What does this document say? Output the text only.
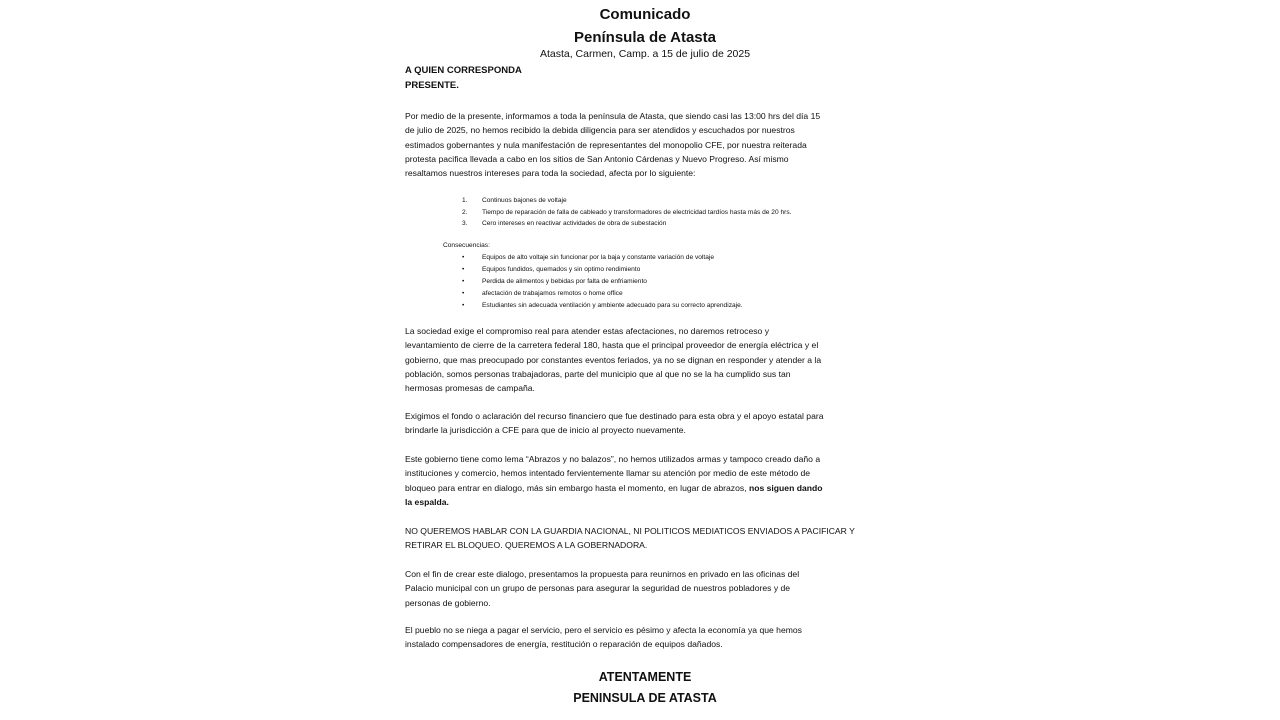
Comunicado
Península de Atasta
Atasta, Carmen, Camp. a 15 de julio de 2025
A QUIEN CORRESPONDA
PRESENTE.
Por medio de la presente, informamos a toda la península de Atasta, que siendo casi las 13:00 hrs del día 15
de julio de 2025, no hemos recibido la debida diligencia para ser atendidos y escuchados por nuestros
estimados gobernantes y nula manifestación de representantes del monopolio CFE, por nuestra reiterada
protesta pacifica llevada a cabo en los sitios de San Antonio Cárdenas y Nuevo Progreso. Así mismo
resaltamos nuestros intereses para toda la sociedad, afecta por lo siguiente:
1. Continuos bajones de voltaje
2. Tiempo de reparación de falla de cableado y transformadores de electricidad tardíos hasta más de 20 hrs.
3. Cero intereses en reactivar actividades de obra de subestación
Consecuencias:
•	Equipos de alto voltaje sin funcionar por la baja y constante variación de voltaje
•	Equipos fundidos, quemados y sin optimo rendimiento
•	Perdida de alimentos y bebidas por falta de enfriamiento
•	afectación de trabajamos remotos o home office
•	Estudiantes sin adecuada ventilación y ambiente adecuado para su correcto aprendizaje.
La sociedad exige el compromiso real para atender estas afectaciones, no daremos retroceso y
levantamiento de cierre de la carretera federal 180, hasta que el principal proveedor de energía eléctrica y el
gobierno, que mas preocupado por constantes eventos feriados, ya no se dignan en responder y atender a la
población, somos personas trabajadoras, parte del municipio que al que no se la ha cumplido sus tan
hermosas promesas de campaña.
Exigimos el fondo o aclaración del recurso financiero que fue destinado para esta obra y el apoyo estatal para
brindarle la jurisdicción a CFE para que de inicio al proyecto nuevamente.
Este gobierno tiene como lema “Abrazos y no balazos”, no hemos utilizados armas y tampoco creado daño a
instituciones y comercio, hemos intentado fervientemente llamar su atención por medio de este método de
bloqueo para entrar en dialogo, más sin embargo hasta el momento, en lugar de abrazos, nos siguen dando
la espalda.
NO QUEREMOS HABLAR CON LA GUARDIA NACIONAL, NI POLITICOS MEDIATICOS ENVIADOS A PACIFICAR Y
RETIRAR EL BLOQUEO. QUEREMOS A LA GOBERNADORA.
Con el fin de crear este dialogo, presentamos la propuesta para reunirnos en privado en las oficinas del
Palacio municipal con un grupo de personas para asegurar la seguridad de nuestros pobladores y de
personas de gobierno.
El pueblo no se niega a pagar el servicio, pero el servicio es pésimo y afecta la economía ya que hemos
instalado compensadores de energía, restitución o reparación de equipos dañados.
ATENTAMENTE
PENINSULA DE ATASTA
